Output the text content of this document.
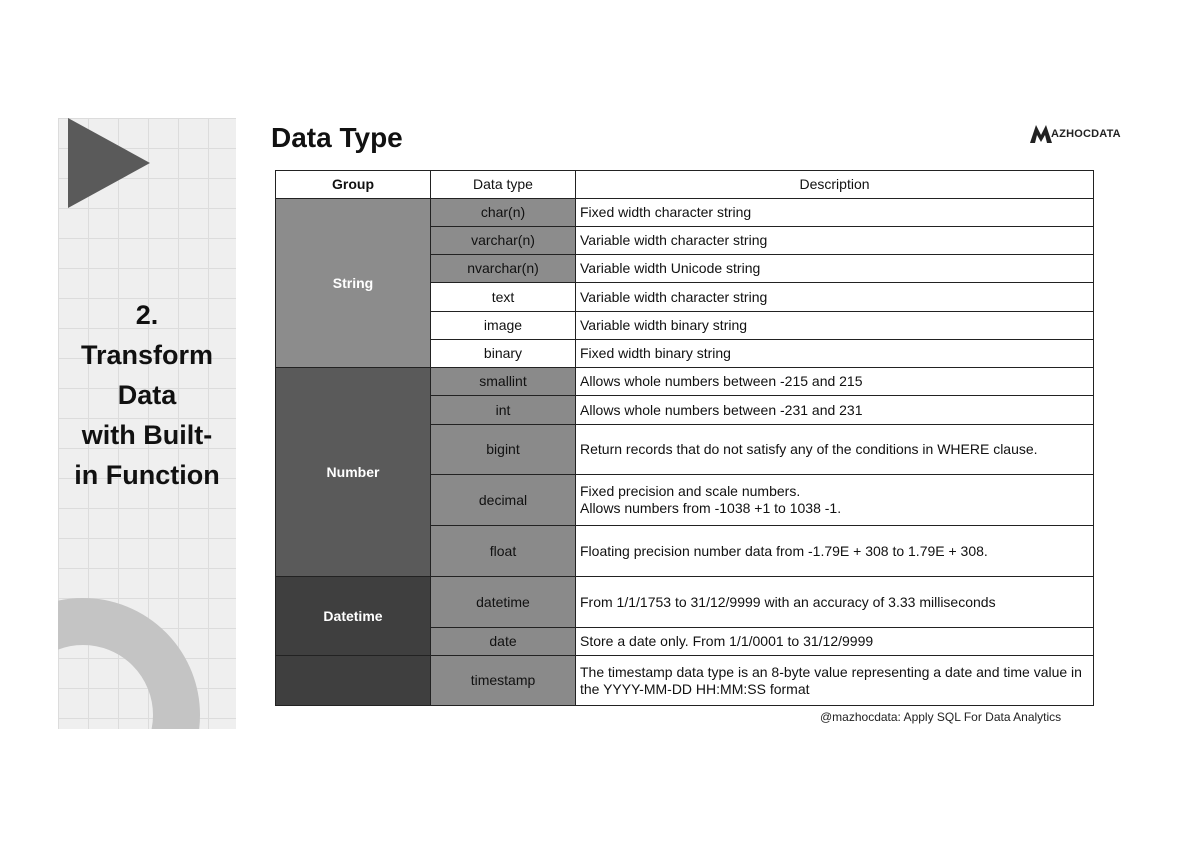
2.
Transform
Data
with Built-
in Function
Data Type	AZHOCDATA
Group	Data type	Description
String	char(n)	Fixed width character string

	varchar(n)	Variable width character string

	nvarchar(n)	Variable width Unicode string

	text	Variable width character string

	image	Variable width binary string

	binary	Fixed width binary string

Number	smallint	Allows whole numbers between -215 and 215

	int	Allows whole numbers between -231 and 231

	bigint	Return records that do not satisfy any of the conditions in WHERE clause.

	decimal	Fixed precision and scale numbers.
Allows numbers from -1038 +1 to 1038 -1.

	float	Floating precision number data from -1.79E + 308 to 1.79E + 308.

Datetime	datetime	From 1/1/1753 to 31/12/9999 with an accuracy of 3.33 milliseconds

	date	Store a date only. From 1/1/0001 to 31/12/9999

	timestamp	The timestamp data type is an 8-byte value representing a date and time value in the YYYY-MM-DD HH:MM:SS format
@mazhocdata: Apply SQL For Data Analytics
